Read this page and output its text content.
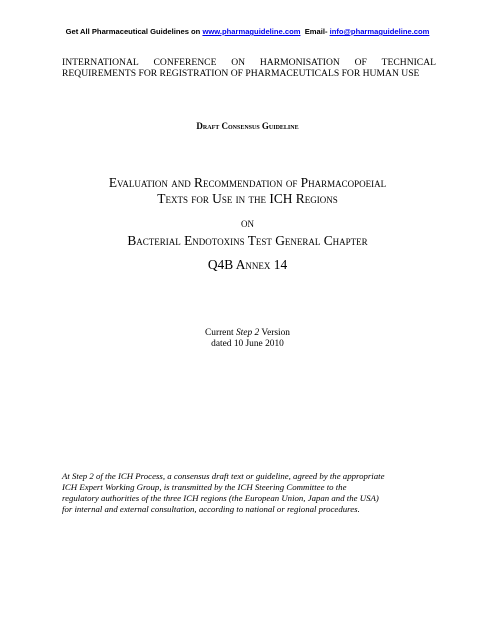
Get All Pharmaceutical Guidelines on www.pharmaguideline.com  Email- info@pharmaguideline.com
INTERNATIONAL CONFERENCE ON HARMONISATION OF TECHNICAL
REQUIREMENTS FOR REGISTRATION OF PHARMACEUTICALS FOR HUMAN USE
Draft Consensus Guideline
Evaluation and Recommendation of Pharmacopoeial
Texts for Use in the ICH Regions
on
Bacterial Endotoxins Test General Chapter
Q4B Annex 14
Current Step 2 Version
dated 10 June 2010
At Step 2 of the ICH Process, a consensus draft text or guideline, agreed by the appropriate
ICH Expert Working Group, is transmitted by the ICH Steering Committee to the
regulatory authorities of the three ICH regions (the European Union, Japan and the USA)
for internal and external consultation, according to national or regional procedures.
